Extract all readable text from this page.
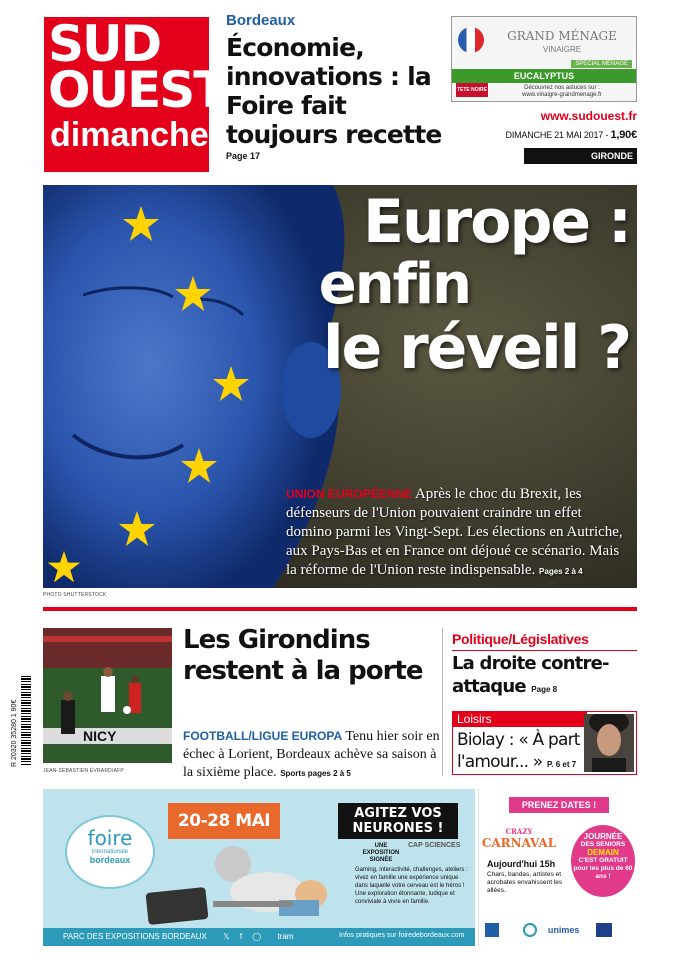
SUD
OUEST
dimanche
Bordeaux
Économie, innovations : la Foire fait toujours recette
Page 17
GRAND MÉNAGE
VINAIGRE
SPÉCIAL MÉNAGE
EUCALYPTUS
TETE NOIRE	Découvrez nos astuces sur :
www.vinaigre-grandmenage.fr
www.sudouest.fr
DIMANCHE 21 MAI 2017 - 1,90€
GIRONDE
Europe :
enfin
le réveil ?
UNION EUROPÉENNE Après le choc du Brexit, les défenseurs de l'Union pouvaient craindre un effet domino parmi les Vingt-Sept. Les élections en Autriche, aux Pays-Bas et en France ont déjoué ce scénario. Mais la réforme de l'Union reste indispensable. Pages 2 à 4
PHOTO SHUTTERSTOCK
NICY
JEAN-SÉBASTIEN ÉVRARD/AFP
Les Girondins restent à la porte
FOOTBALL/LIGUE EUROPA Tenu hier soir en échec à Lorient, Bordeaux achève sa saison à la sixième place. Sports pages 2 à 5
Politique/Législatives
La droite contre-attaque Page 8
Loisirs
Biolay : « À part l'amour... » P. 6 et 7
R 20320 35280 1 90€
foire
internationale
bordeaux
20-28 MAI	AGITEZ VOS NEURONES !
UNE EXPOSITION SIGNÉE
CAP SCIENCES
Gaming, interactivité, challenges, ateliers : vivez en famille une expérience unique dans laquelle votre cerveau est le héros ! Une exploration étonnante, ludique et conviviale à vivre en famille.
PARC DES EXPOSITIONS BORDEAUX 𝕏 f ◯ tram	Infos pratiques sur foiredebordeaux.com
PRENEZ DATES !
CRAZY
CARNAVAL
Aujourd'hui 15h
Chars, bandas, artistes et acrobates envahissent les allées.
JOURNÉE
DES SENIORS
DEMAIN
C'EST GRATUIT pour les plus de 60 ans !
unimes
